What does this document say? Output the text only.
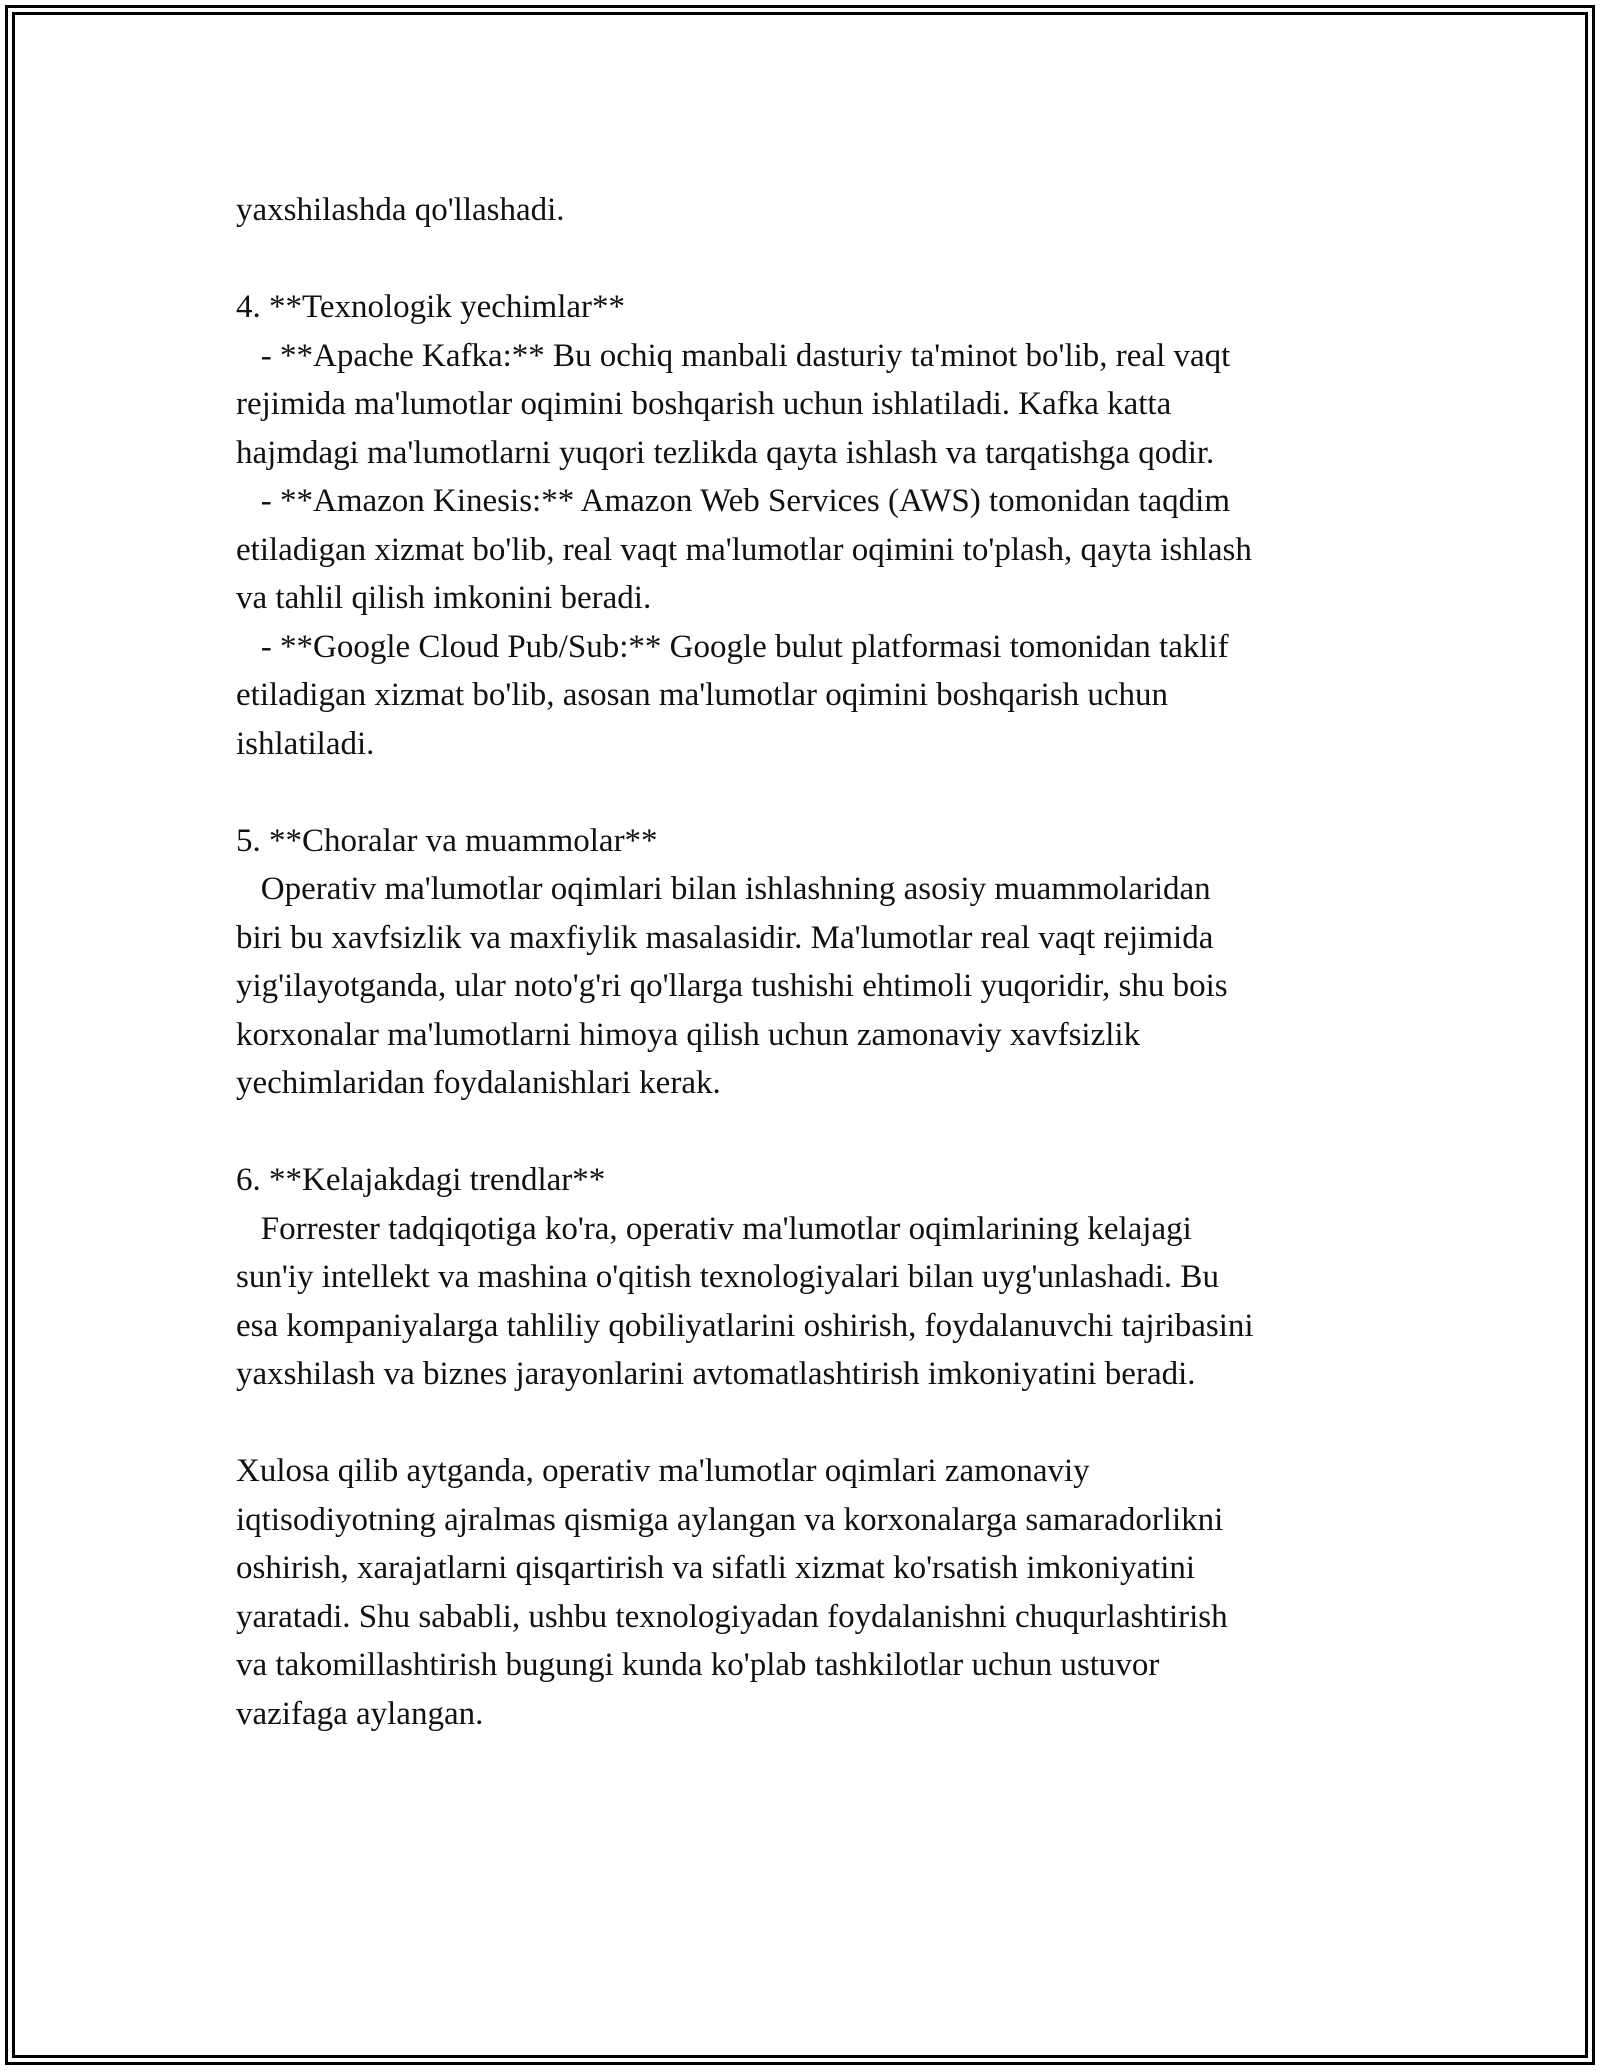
yaxshilashda qo'llashadi.
4. **Texnologik yechimlar**
- **Apache Kafka:** Bu ochiq manbali dasturiy ta'minot bo'lib, real vaqt
rejimida ma'lumotlar oqimini boshqarish uchun ishlatiladi. Kafka katta
hajmdagi ma'lumotlarni yuqori tezlikda qayta ishlash va tarqatishga qodir.
- **Amazon Kinesis:** Amazon Web Services (AWS) tomonidan taqdim
etiladigan xizmat bo'lib, real vaqt ma'lumotlar oqimini to'plash, qayta ishlash
va tahlil qilish imkonini beradi.
- **Google Cloud Pub/Sub:** Google bulut platformasi tomonidan taklif
etiladigan xizmat bo'lib, asosan ma'lumotlar oqimini boshqarish uchun
ishlatiladi.
5. **Choralar va muammolar**
Operativ ma'lumotlar oqimlari bilan ishlashning asosiy muammolaridan
biri bu xavfsizlik va maxfiylik masalasidir. Ma'lumotlar real vaqt rejimida
yig'ilayotganda, ular noto'g'ri qo'llarga tushishi ehtimoli yuqoridir, shu bois
korxonalar ma'lumotlarni himoya qilish uchun zamonaviy xavfsizlik
yechimlaridan foydalanishlari kerak.
6. **Kelajakdagi trendlar**
Forrester tadqiqotiga ko'ra, operativ ma'lumotlar oqimlarining kelajagi
sun'iy intellekt va mashina o'qitish texnologiyalari bilan uyg'unlashadi. Bu
esa kompaniyalarga tahliliy qobiliyatlarini oshirish, foydalanuvchi tajribasini
yaxshilash va biznes jarayonlarini avtomatlashtirish imkoniyatini beradi.
Xulosa qilib aytganda, operativ ma'lumotlar oqimlari zamonaviy
iqtisodiyotning ajralmas qismiga aylangan va korxonalarga samaradorlikni
oshirish, xarajatlarni qisqartirish va sifatli xizmat ko'rsatish imkoniyatini
yaratadi. Shu sababli, ushbu texnologiyadan foydalanishni chuqurlashtirish
va takomillashtirish bugungi kunda ko'plab tashkilotlar uchun ustuvor
vazifaga aylangan.
